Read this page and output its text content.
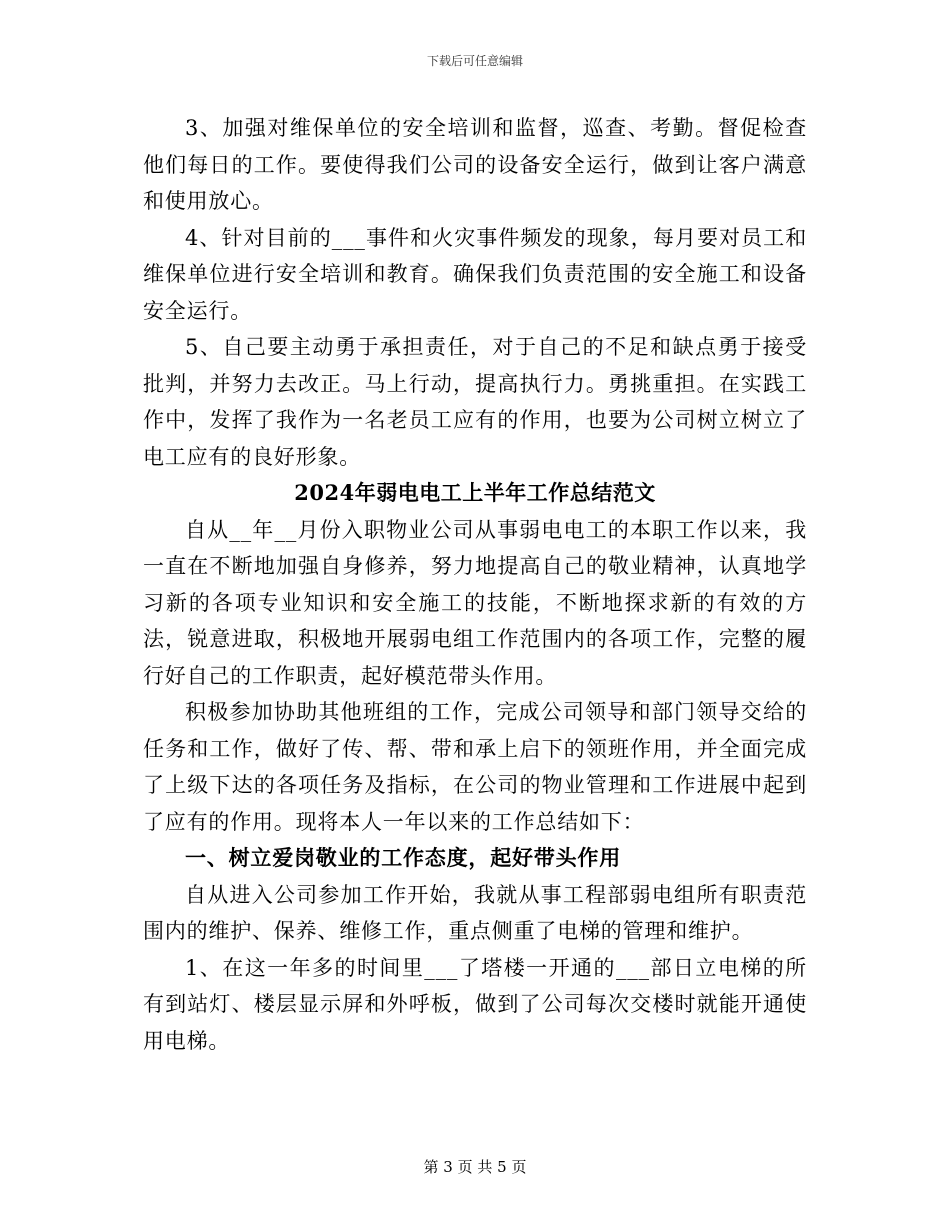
下载后可任意编辑

3、加强对维保单位的安全培训和监督，巡查、考勤。督促检查他们每日的工作。要使得我们公司的设备安全运行，做到让客户满意和使用放心。

4、针对目前的___事件和火灾事件频发的现象，每月要对员工和维保单位进行安全培训和教育。确保我们负责范围的安全施工和设备安全运行。

5、自己要主动勇于承担责任，对于自己的不足和缺点勇于接受批判，并努力去改正。马上行动，提高执行力。勇挑重担。在实践工作中，发挥了我作为一名老员工应有的作用，也要为公司树立树立了电工应有的良好形象。

2024年弱电电工上半年工作总结范文

自从__年__月份入职物业公司从事弱电电工的本职工作以来，我一直在不断地加强自身修养，努力地提高自己的敬业精神，认真地学习新的各项专业知识和安全施工的技能，不断地探求新的有效的方法，锐意进取，积极地开展弱电组工作范围内的各项工作，完整的履行好自己的工作职责，起好模范带头作用。

积极参加协助其他班组的工作，完成公司领导和部门领导交给的任务和工作，做好了传、帮、带和承上启下的领班作用，并全面完成了上级下达的各项任务及指标，在公司的物业管理和工作进展中起到了应有的作用。现将本人一年以来的工作总结如下：

一、树立爱岗敬业的工作态度，起好带头作用

自从进入公司参加工作开始，我就从事工程部弱电组所有职责范围内的维护、保养、维修工作，重点侧重了电梯的管理和维护。

1、在这一年多的时间里___了塔楼一开通的___部日立电梯的所有到站灯、楼层显示屏和外呼板，做到了公司每次交楼时就能开通使用电梯。

第 3 页 共 5 页
